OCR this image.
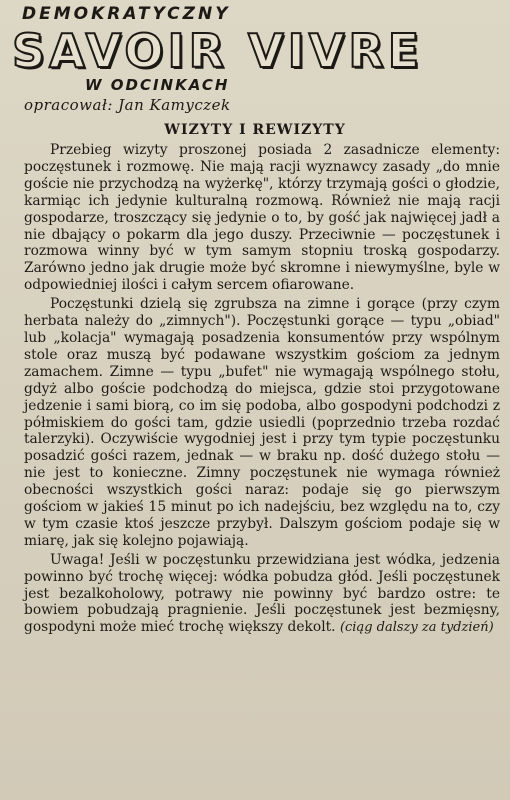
DEMOKRATYCZNY
SAVOIR VIVRE
W ODCINKACH
opracował: Jan Kamyczek
WIZYTY I REWIZYTY

Przebieg wizyty proszonej posiada 2 zasadnicze elementy: poczęstunek i rozmowę. Nie mają racji wyznawcy zasady „do mnie goście nie przychodzą na wyżerkę", którzy trzymają gości o głodzie, karmiąc ich jedynie kulturalną rozmową. Również nie mają racji gospodarze, troszczący się jedynie o to, by gość jak najwięcej jadł a nie dbający o pokarm dla jego duszy. Przeciwnie — poczęstunek i rozmowa winny być w tym samym stopniu troską gospodarzy. Zarówno jedno jak drugie może być skromne i niewymyślne, byle w odpowiedniej ilości i całym sercem ofiarowane.

Poczęstunki dzielą się zgrubsza na zimne i gorące (przy czym herbata należy do „zimnych"). Poczęstunki gorące — typu „obiad" lub „kolacja" wymagają posadzenia konsumentów przy wspólnym stole oraz muszą być podawane wszystkim gościom za jednym zamachem. Zimne — typu „bufet" nie wymagają wspólnego stołu, gdyż albo goście podchodzą do miejsca, gdzie stoi przygotowane jedzenie i sami biorą, co im się podoba, albo gospodyni podchodzi z półmiskiem do gości tam, gdzie usiedli (poprzednio trzeba rozdać talerzyki). Oczywiście wygodniej jest i przy tym typie poczęstunku posadzić gości razem, jednak — w braku np. dość dużego stołu — nie jest to konieczne. Zimny poczęstunek nie wymaga również obecności wszystkich gości naraz: podaje się go pierwszym gościom w jakieś 15 minut po ich nadejściu, bez względu na to, czy w tym czasie ktoś jeszcze przybył. Dalszym gościom podaje się w miarę, jak się kolejno pojawiają.

Uwaga! Jeśli w poczęstunku przewidziana jest wódka, jedzenia powinno być trochę więcej: wódka pobudza głód. Jeśli poczęstunek jest bezalkoholowy, potrawy nie powinny być bardzo ostre: te bowiem pobudzają pragnienie. Jeśli poczęstunek jest bezmięsny, gospodyni może mieć trochę większy dekolt. (ciąg dalszy za tydzień)
